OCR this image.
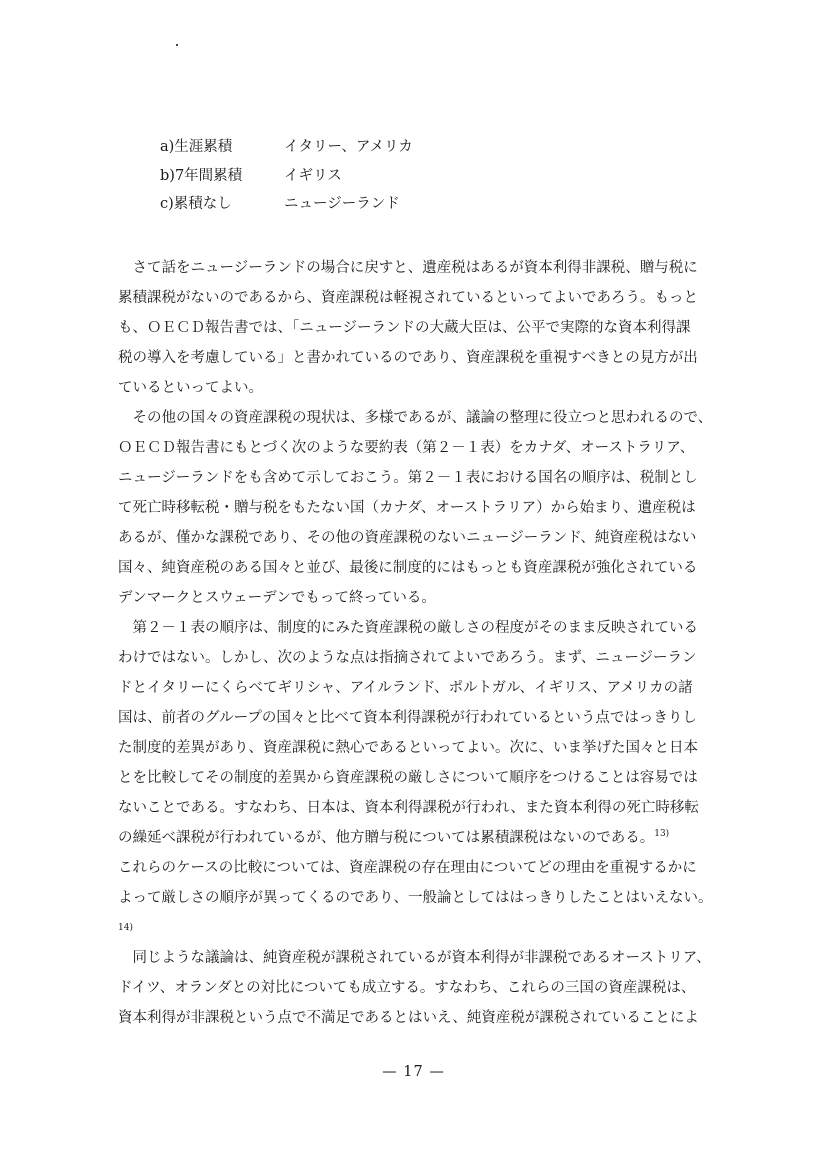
a)生涯累積	イタリー、アメリカ
b)7年間累積	イギリス
c)累積なし	ニュージーランド
　さて話をニュージーランドの場合に戻すと、遺産税はあるが資本利得非課税、贈与税に
累積課税がないのであるから、資産課税は軽視されているといってよいであろう。もっと
も、ＯＥＣＤ報告書では、「ニュージーランドの大蔵大臣は、公平で実際的な資本利得課
税の導入を考慮している」と書かれているのであり、資産課税を重視すべきとの見方が出
ているといってよい。
　その他の国々の資産課税の現状は、多様であるが、議論の整理に役立つと思われるので、
ＯＥＣＤ報告書にもとづく次のような要約表（第２－１表）をカナダ、オーストラリア、
ニュージーランドをも含めて示しておこう。第２－１表における国名の順序は、税制とし
て死亡時移転税・贈与税をもたない国（カナダ、オーストラリア）から始まり、遺産税は
あるが、僅かな課税であり、その他の資産課税のないニュージーランド、純資産税はない
国々、純資産税のある国々と並び、最後に制度的にはもっとも資産課税が強化されている
デンマークとスウェーデンでもって終っている。
　第２－１表の順序は、制度的にみた資産課税の厳しさの程度がそのまま反映されている
わけではない。しかし、次のような点は指摘されてよいであろう。まず、ニュージーラン
ドとイタリーにくらべてギリシャ、アイルランド、ポルトガル、イギリス、アメリカの諸
国は、前者のグループの国々と比べて資本利得課税が行われているという点ではっきりし
た制度的差異があり、資産課税に熱心であるといってよい。次に、いま挙げた国々と日本
とを比較してその制度的差異から資産課税の厳しさについて順序をつけることは容易では
ないことである。すなわち、日本は、資本利得課税が行われ、また資本利得の死亡時移転
の繰延べ課税が行われているが、他方贈与税については累積課税はないのである。$^{13)}$
これらのケースの比較については、資産課税の存在理由についてどの理由を重視するかに
よって厳しさの順序が異ってくるのであり、一般論としてははっきりしたことはいえない。
14)
　同じような議論は、純資産税が課税されているが資本利得が非課税であるオーストリア、
ドイツ、オランダとの対比についても成立する。すなわち、これらの三国の資産課税は、
資本利得が非課税という点で不満足であるとはいえ、純資産税が課税されていることによ
— 17 —
